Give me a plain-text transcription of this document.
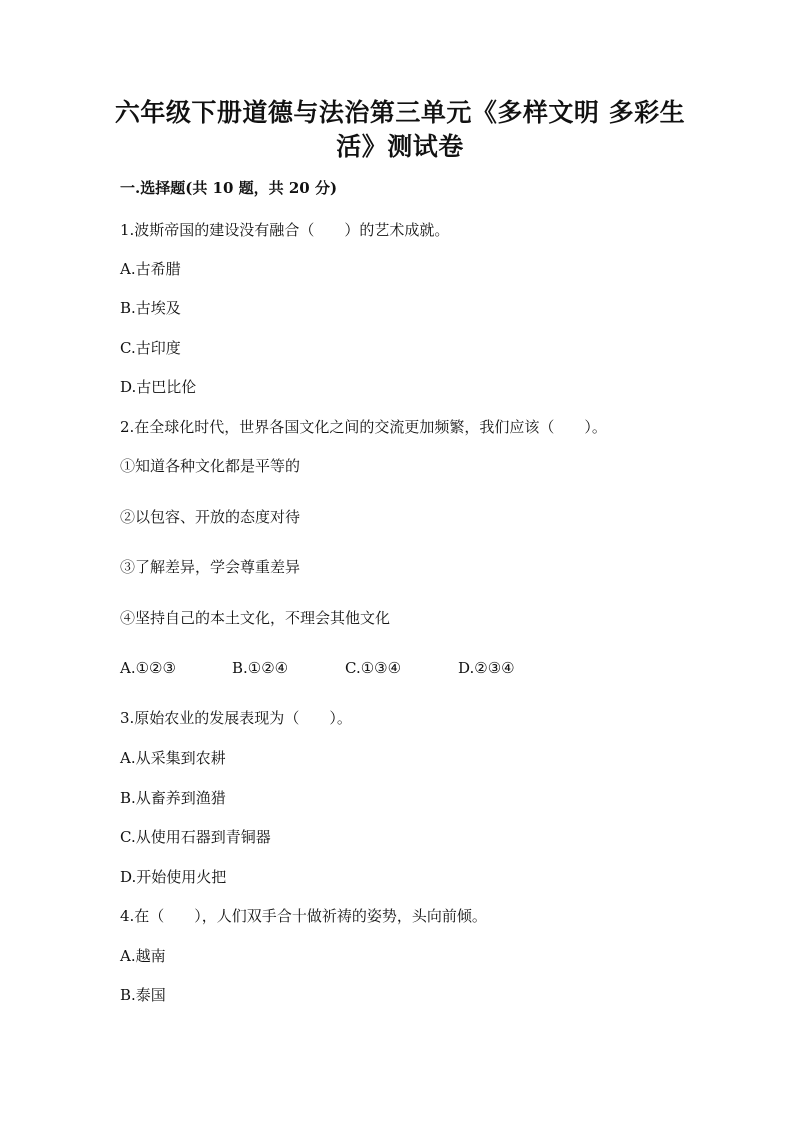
六年级下册道德与法治第三单元《多样文明 多彩生
活》测试卷
一.选择题(共 10 题，共 20 分)
1.波斯帝国的建设没有融合（　　）的艺术成就。
A.古希腊
B.古埃及
C.古印度
D.古巴比伦
2.在全球化时代，世界各国文化之间的交流更加频繁，我们应该（　　）。
①知道各种文化都是平等的
②以包容、开放的态度对待
③了解差异，学会尊重差异
④坚持自己的本土文化，不理会其他文化
A.①②③	B.①②④	C.①③④	D.②③④
3.原始农业的发展表现为（　　）。
A.从采集到农耕
B.从畜养到渔猎
C.从使用石器到青铜器
D.开始使用火把
4.在（　　），人们双手合十做祈祷的姿势，头向前倾。
A.越南
B.泰国
